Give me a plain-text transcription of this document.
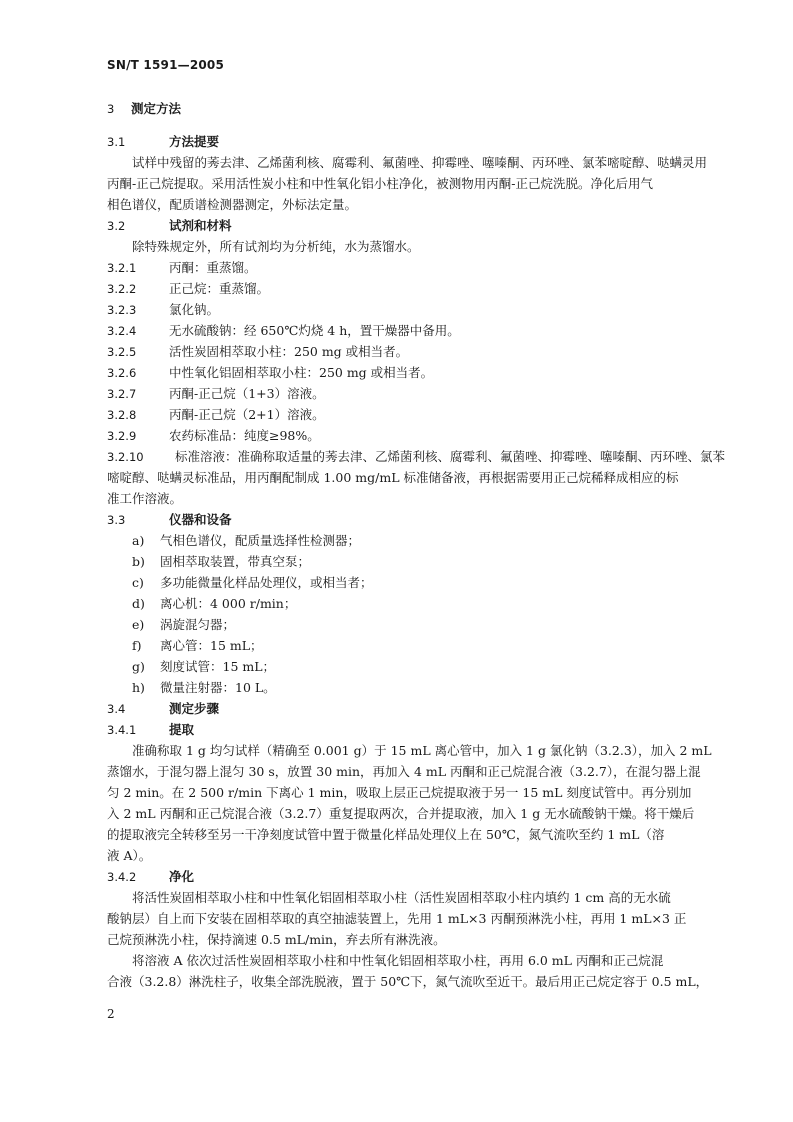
SN/T 1591—2005
3 测定方法
3.1	方法提要
试样中残留的莠去津、乙烯菌利核、腐霉利、氟菌唑、抑霉唑、噻嗪酮、丙环唑、氯苯嘧啶醇、哒螨灵用
丙酮-正己烷提取。采用活性炭小柱和中性氧化铝小柱净化，被测物用丙酮-正己烷洗脱。净化后用气
相色谱仪，配质谱检测器测定，外标法定量。
3.2	试剂和材料
除特殊规定外，所有试剂均为分析纯，水为蒸馏水。
3.2.1	丙酮：重蒸馏。
3.2.2	正己烷：重蒸馏。
3.2.3	氯化钠。
3.2.4	无水硫酸钠：经 650℃灼烧 4 h，置干燥器中备用。
3.2.5	活性炭固相萃取小柱：250 mg 或相当者。
3.2.6	中性氧化铝固相萃取小柱：250 mg 或相当者。
3.2.7	丙酮-正己烷（1+3）溶液。
3.2.8	丙酮-正己烷（2+1）溶液。
3.2.9	农药标准品：纯度≥98%。
3.2.10	标准溶液：准确称取适量的莠去津、乙烯菌利核、腐霉利、氟菌唑、抑霉唑、噻嗪酮、丙环唑、氯苯
嘧啶醇、哒螨灵标准品，用丙酮配制成 1.00 mg/mL 标准储备液，再根据需要用正己烷稀释成相应的标
准工作溶液。
3.3	仪器和设备
a) 气相色谱仪，配质量选择性检测器；
b) 固相萃取装置，带真空泵；
c) 多功能微量化样品处理仪，或相当者；
d) 离心机：4 000 r/min；
e) 涡旋混匀器；
f) 离心管：15 mL；
g) 刻度试管：15 mL；
h) 微量注射器：10 L。
3.4	测定步骤
3.4.1	提取
准确称取 1 g 均匀试样（精确至 0.001 g）于 15 mL 离心管中，加入 1 g 氯化钠（3.2.3），加入 2 mL
蒸馏水，于混匀器上混匀 30 s，放置 30 min，再加入 4 mL 丙酮和正己烷混合液（3.2.7），在混匀器上混
匀 2 min。在 2 500 r/min 下离心 1 min，吸取上层正己烷提取液于另一 15 mL 刻度试管中。再分别加
入 2 mL 丙酮和正己烷混合液（3.2.7）重复提取两次，合并提取液，加入 1 g 无水硫酸钠干燥。将干燥后
的提取液完全转移至另一干净刻度试管中置于微量化样品处理仪上在 50℃，氮气流吹至约 1 mL（溶
液 A）。
3.4.2	净化
将活性炭固相萃取小柱和中性氧化铝固相萃取小柱（活性炭固相萃取小柱内填约 1 cm 高的无水硫
酸钠层）自上而下安装在固相萃取的真空抽滤装置上，先用 1 mL×3 丙酮预淋洗小柱，再用 1 mL×3 正
己烷预淋洗小柱，保持滴速 0.5 mL/min，弃去所有淋洗液。
将溶液 A 依次过活性炭固相萃取小柱和中性氧化铝固相萃取小柱，再用 6.0 mL 丙酮和正己烷混
合液（3.2.8）淋洗柱子，收集全部洗脱液，置于 50℃下，氮气流吹至近干。最后用正己烷定容于 0.5 mL，
2
